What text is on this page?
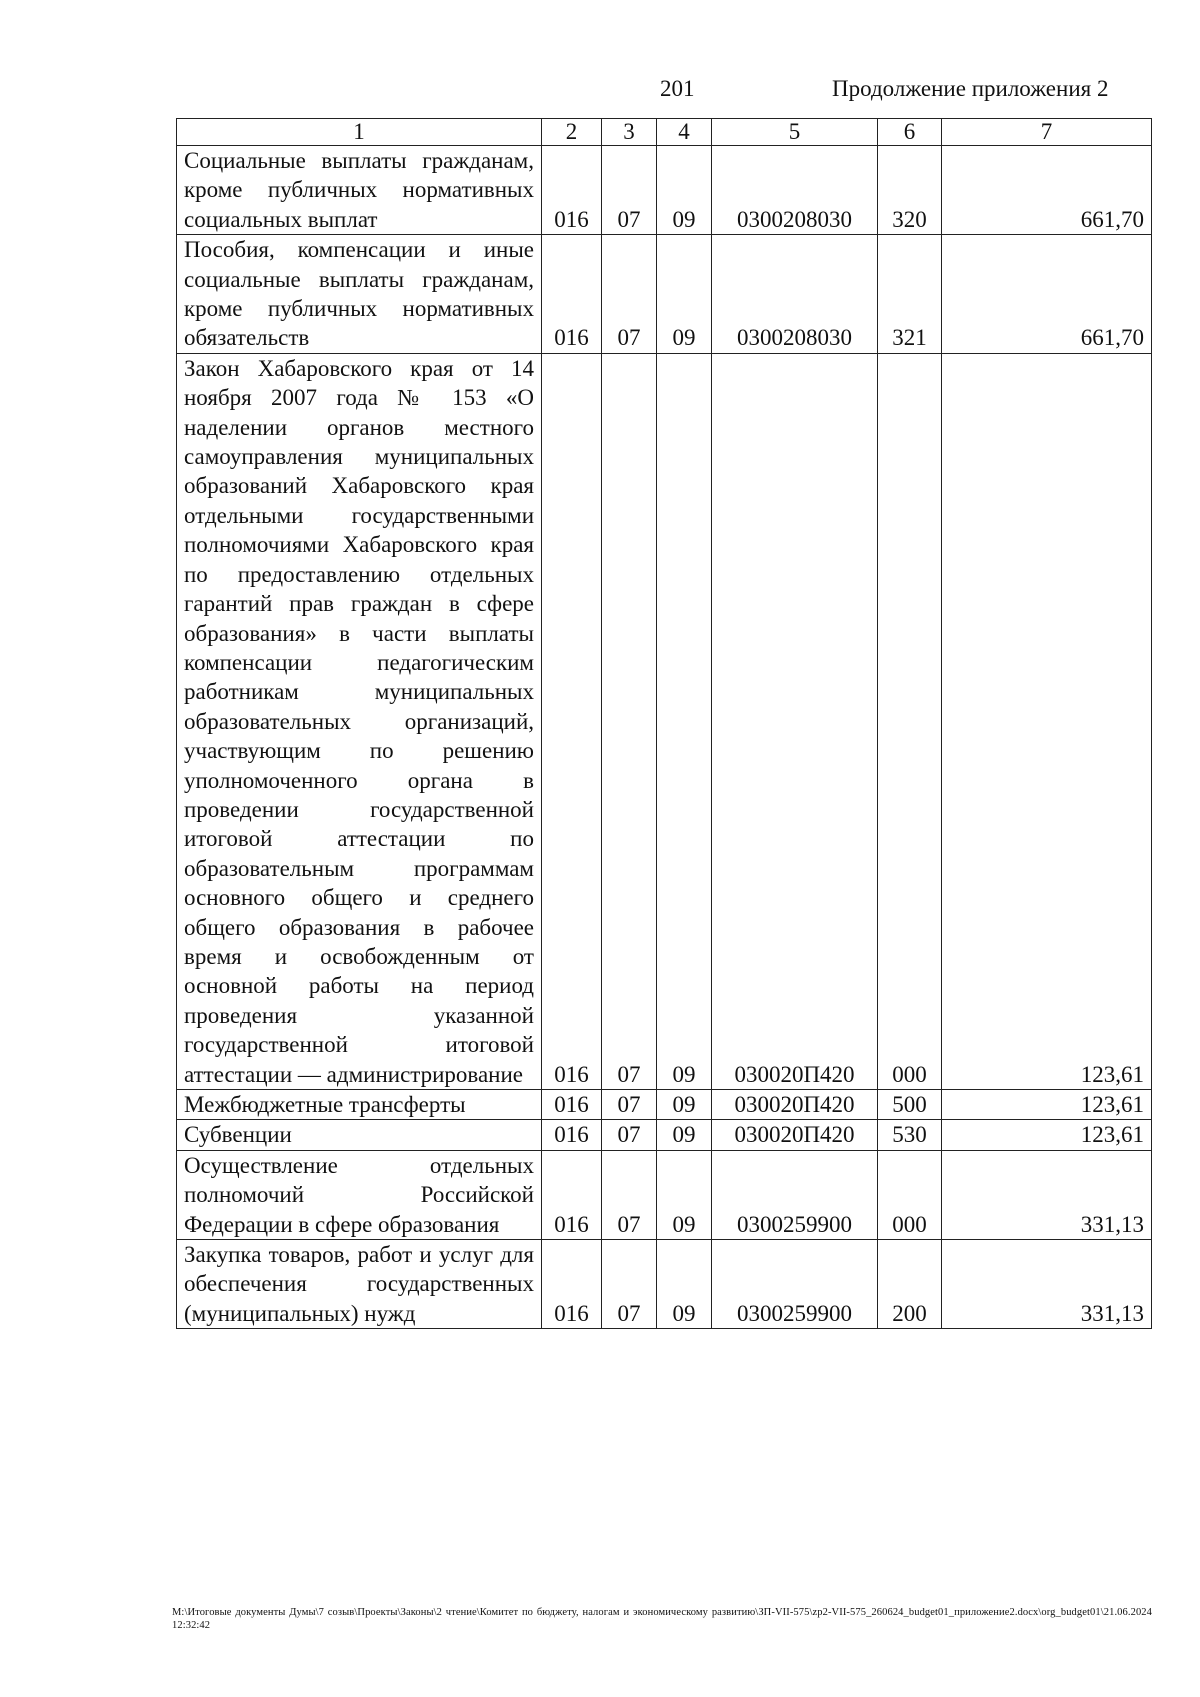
201	Продолжение приложения 2
1	2	3	4	5	6	7
Социальные выплаты гражданам, кроме публичных нормативных социальных выплат	016	07	09	0300208030	320	661,70
Пособия, компенсации и иные социальные выплаты гражданам, кроме публичных нормативных обязательств	016	07	09	0300208030	321	661,70
Закон Хабаровского края от 14 ноября 2007 года № 153 «О наделении органов местного самоуправления муниципальных образований Хабаровского края отдельными государственными полномочиями Хабаровского края по предоставлению отдельных гарантий прав граждан в сфере образования» в части выплаты компенсации педагогическим работникам муниципальных образовательных организаций, участвующим по решению уполномоченного органа в проведении государственной итоговой аттестации по образовательным программам основного общего и среднего общего образования в рабочее время и освобожденным от основной работы на период проведения указанной государственной итоговой аттестации — администрирование	016	07	09	030020П420	000	123,61
Межбюджетные трансферты	016	07	09	030020П420	500	123,61
Субвенции	016	07	09	030020П420	530	123,61
Осуществление отдельных полномочий Российской Федерации в сфере образования	016	07	09	0300259900	000	331,13
Закупка товаров, работ и услуг для обеспечения государственных (муниципальных) нужд	016	07	09	0300259900	200	331,13
M:\Итоговые документы Думы\7 созыв\Проекты\Законы\2 чтение\Комитет по бюджету, налогам и экономическому развитию\ЗП-VII-575\zp2-VII-575_260624_budget01_приложение2.docx\org_budget01\21.06.2024 12:32:42
